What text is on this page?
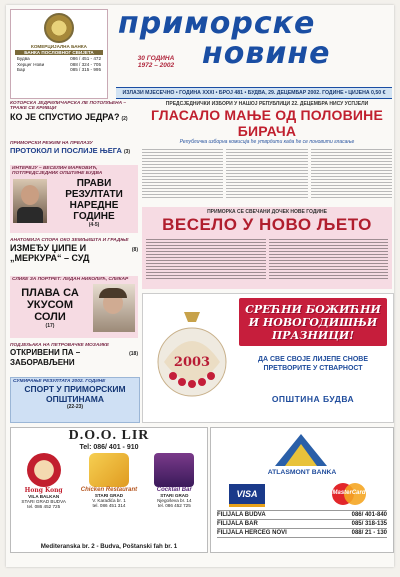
КОМЕРЦИЈАЛНА БАНКА
БАНКА ПОСЛОВНОГ СВИЈЕТА
Будва	086 / 451 - 472
Херцег Нови	088 / 324 - 705
Бар	085 / 315 - 995
приморске
30 ГОДИНА
1972 – 2002 новине
ИЗЛАЗИ МЈЕСЕЧНО • ГОДИНА XXXI • БРОЈ 481 • БУДВА, 29. ДЕЦЕМБАР 2002. ГОДИНЕ • ЦИЈЕНА 0,50 €
КОТОРСКА ЈЕДРИЛИЧАРСКА ЛЕ ПОТОПЉЕНА – ТРАЖЕ СЕ КРИВЦИ
КО ЈЕ СПУСТИО ЈЕДРА? (2)
ПРИМОРСКИ РЕЖИМ НА ПРЕЛАЗУ
ПРОТОКОЛ И ПОСЛИЈЕ ЊЕГА (3)
ИНТЕРВЈУ – ВЕСЕЛИН МАРКОВИЋ, ПОТПРЕДСЈЕДНИК ОПШТИНЕ БУДВА
ПРАВИ РЕЗУЛТАТИ НАРЕДНЕ ГОДИНЕ
(4-5)
АНАТОМИЈА СПОРА ОКО ЗЕМЉИШТА И ГРАДЊЕ
ИЗМЕЂУ ЏИПЕ И „МЕРКУРА“ – СУД
(8)
СЛИКЕ ЗА ПОРТРЕТ: ЛИДАН НИКОЛИЋ, СЛИКАР
ПЛАВА СА УКУСОМ СОЛИ
(17)
ПОДЈЕЉАКА НА ПЕТРОВАЧКЕ МОЗАИКЕ
ОТКРИВЕНИ ПА – ЗАБОРАВЉЕНИ
(18)
СУМИРАЊЕ РЕЗУЛТАТА 2002. ГОДИНЕ
СПОРТ У ПРИМОРСКИМ ОПШТИНАМА
(22-23)
ПРЕДСЈЕДНИЧКИ ИЗБОРИ У НАШОЈ РЕПУБЛИЦИ 22. ДЕЦЕМБРА НИСУ УСПЈЕЛИ
ГЛАСАЛО МАЊЕ ОД ПОЛОВИНЕ БИРАЧА
Републичка изборна комисија ће утврдити када ће се поновити гласање
ПРИМОРКА СЕ СВЕЧАНИ ДОЧЕК НОВЕ ГОДИНЕ
ВЕСЕЛО У НОВО ЉЕТО
2003
СРЕЋНИ БОЖИЋНИ И НОВОГОДИШЊИ ПРАЗНИЦИ!
ДА СВЕ СВОЈЕ ЛИЈЕПЕ СНОВЕ ПРЕТВОРИТЕ У СТВАРНОСТ
ОПШТИНА БУДВА
D.O.O. LIR
Tel: 086/ 401 - 910
Hong Kong
VILA BALKAN
STARI GRAD BUDVA
tel. 086 452 725
Chicken Restaurant
STARI GRAD
V. Karađića br. 1
tel. 086 451 314
Cocktail Bar
STARI GRAD
Njegoševa br. 14
tel. 086 452 725
Mediteranska br. 2 - Budva, Poštanski fah br. 1
ATLASMONT BANKA
VISA	MasterCard
FILIJALA BUDVA	086/ 401-840
FILIJALA BAR	085/ 318-135
FILIJALA HERCEG NOVI	088/ 21 - 130
